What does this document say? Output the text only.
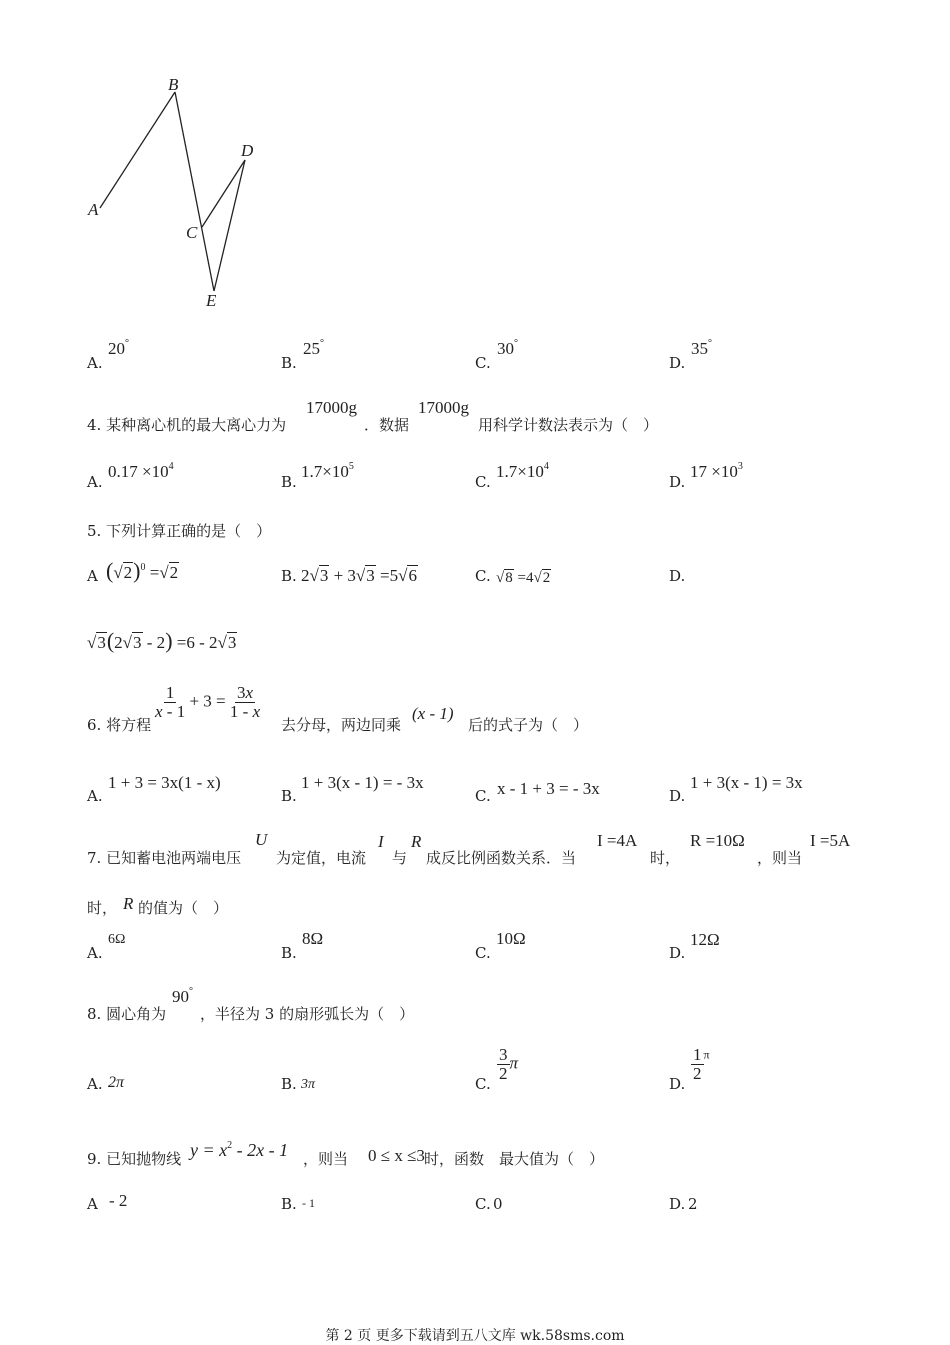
A
B
C
D
E
A.
20°
B.
25°
C.
30°
D.
35°
4. 某种离心机的最大离心力为
17000g
．数据
17000g
用科学计数法表示为（　）
A.
$0.17 \times 10^4$
B.
$1.7\times 10^5$
C.
$1.7\times 10^4$
D.
$17 \times 10^3$
5. 下列计算正确的是（　）
A $(√2)^0 =√2$	B. 2√3 + 3√3 =5√6	C. √8 =4√2	D.
√3(2√3 - 2) =6 - 2√3
6. 将方程
$\frac{1}{x - 1} + 3 = \frac{3x}{1 - x}$
去分母，两边同乘
(x - 1)
后的式子为（　）
A.
1 + 3 = 3x(1 - x)
B.
1 + 3(x - 1) = - 3x
C. x - 1 + 3 = - 3x	D.
1 + 3(x - 1) = 3x
7. 已知蓄电池两端电压
U
为定值，电流
I
与
R
成反比例函数关系．当
I =4A
时，
R =10Ω
，则当
I =5A
时， R 的值为（　）
A.
6Ω
B.
8Ω
C.
10Ω
D.
12Ω
8. 圆心角为
90°
，半径为 3 的扇形弧长为（　）
A. 2π	B. 3π	C.
$\frac{3}{2}$ π
D.
$\frac{1}{2} ^\pi$
9. 已知抛物线 $y = x^2 - 2x - 1$ ，则当 0 ≤ x ≤3 时，函数　最大值为（　）
A - 2	B. - 1	C. 0	D. 2
第 2 页 更多下载请到五八文库 wk.58sms.com
